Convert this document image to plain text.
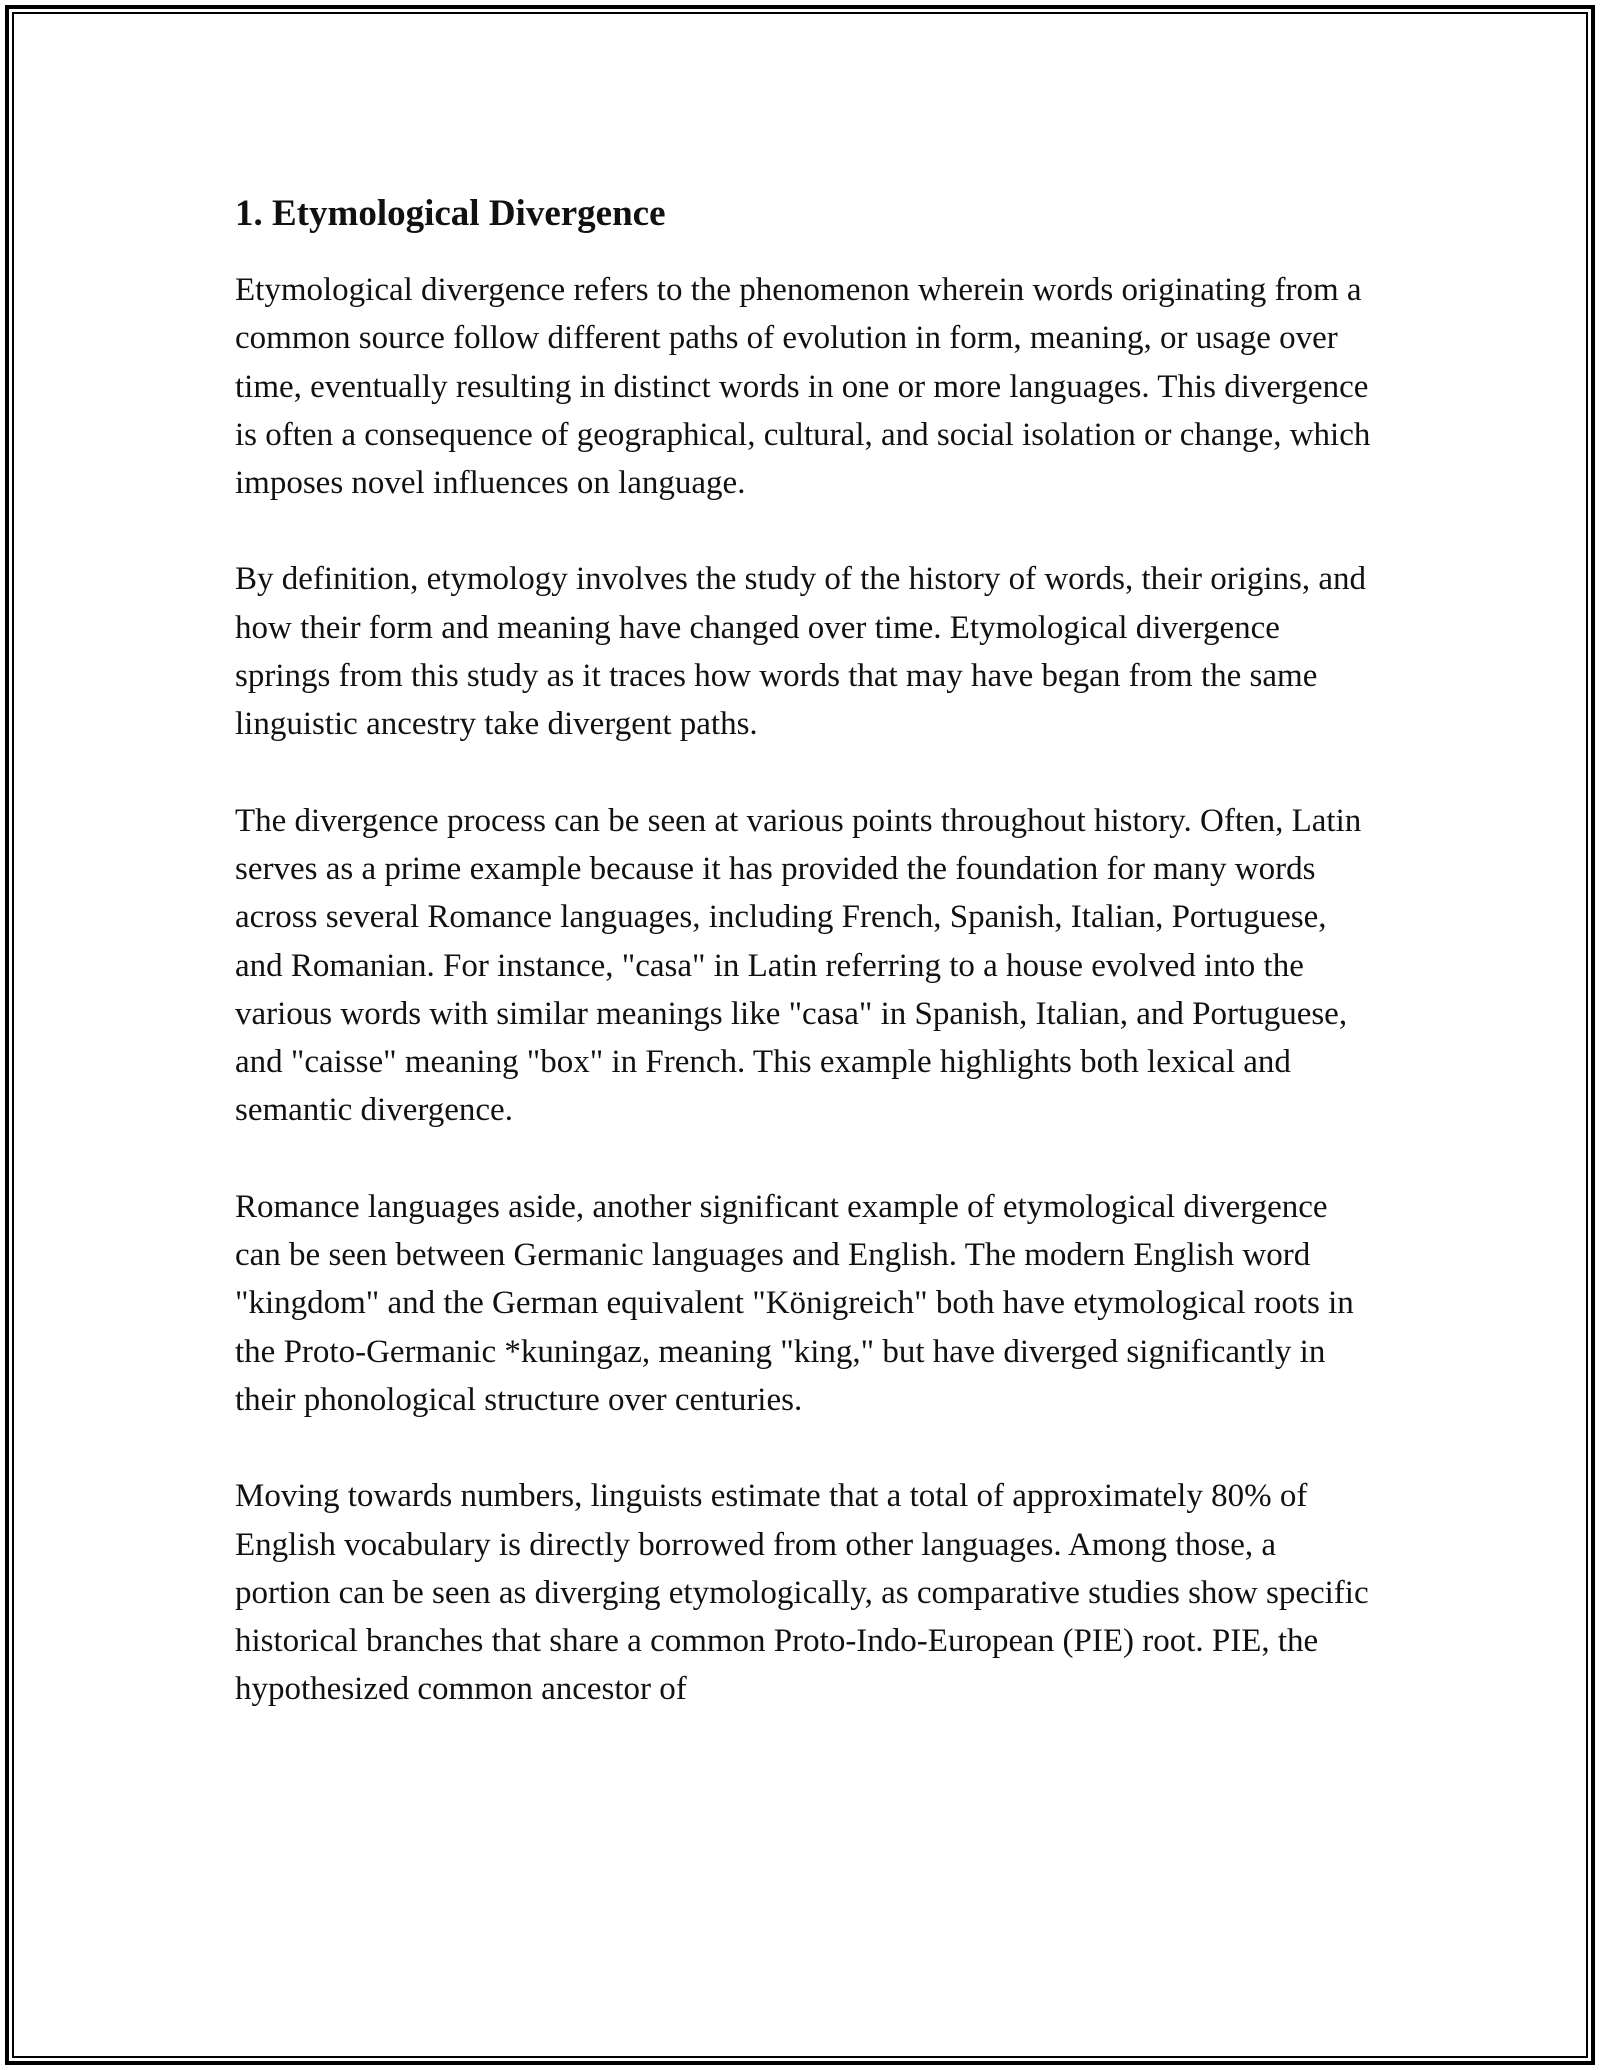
1. Etymological Divergence

Etymological divergence refers to the phenomenon wherein words originating from a common source follow different paths of evolution in form, meaning, or usage over time, eventually resulting in distinct words in one or more languages. This divergence is often a consequence of geographical, cultural, and social isolation or change, which imposes novel influences on language.

By definition, etymology involves the study of the history of words, their origins, and how their form and meaning have changed over time. Etymological divergence springs from this study as it traces how words that may have began from the same linguistic ancestry take divergent paths.

The divergence process can be seen at various points throughout history. Often, Latin serves as a prime example because it has provided the foundation for many words across several Romance languages, including French, Spanish, Italian, Portuguese, and Romanian. For instance, "casa" in Latin referring to a house evolved into the various words with similar meanings like "casa" in Spanish, Italian, and Portuguese, and "caisse" meaning "box" in French. This example highlights both lexical and semantic divergence.

Romance languages aside, another significant example of etymological divergence can be seen between Germanic languages and English. The modern English word "kingdom" and the German equivalent "Königreich" both have etymological roots in the Proto-Germanic *kuningaz, meaning "king," but have diverged significantly in their phonological structure over centuries.

Moving towards numbers, linguists estimate that a total of approximately 80% of English vocabulary is directly borrowed from other languages. Among those, a portion can be seen as diverging etymologically, as comparative studies show specific historical branches that share a common Proto-Indo-European (PIE) root. PIE, the hypothesized common ancestor of
